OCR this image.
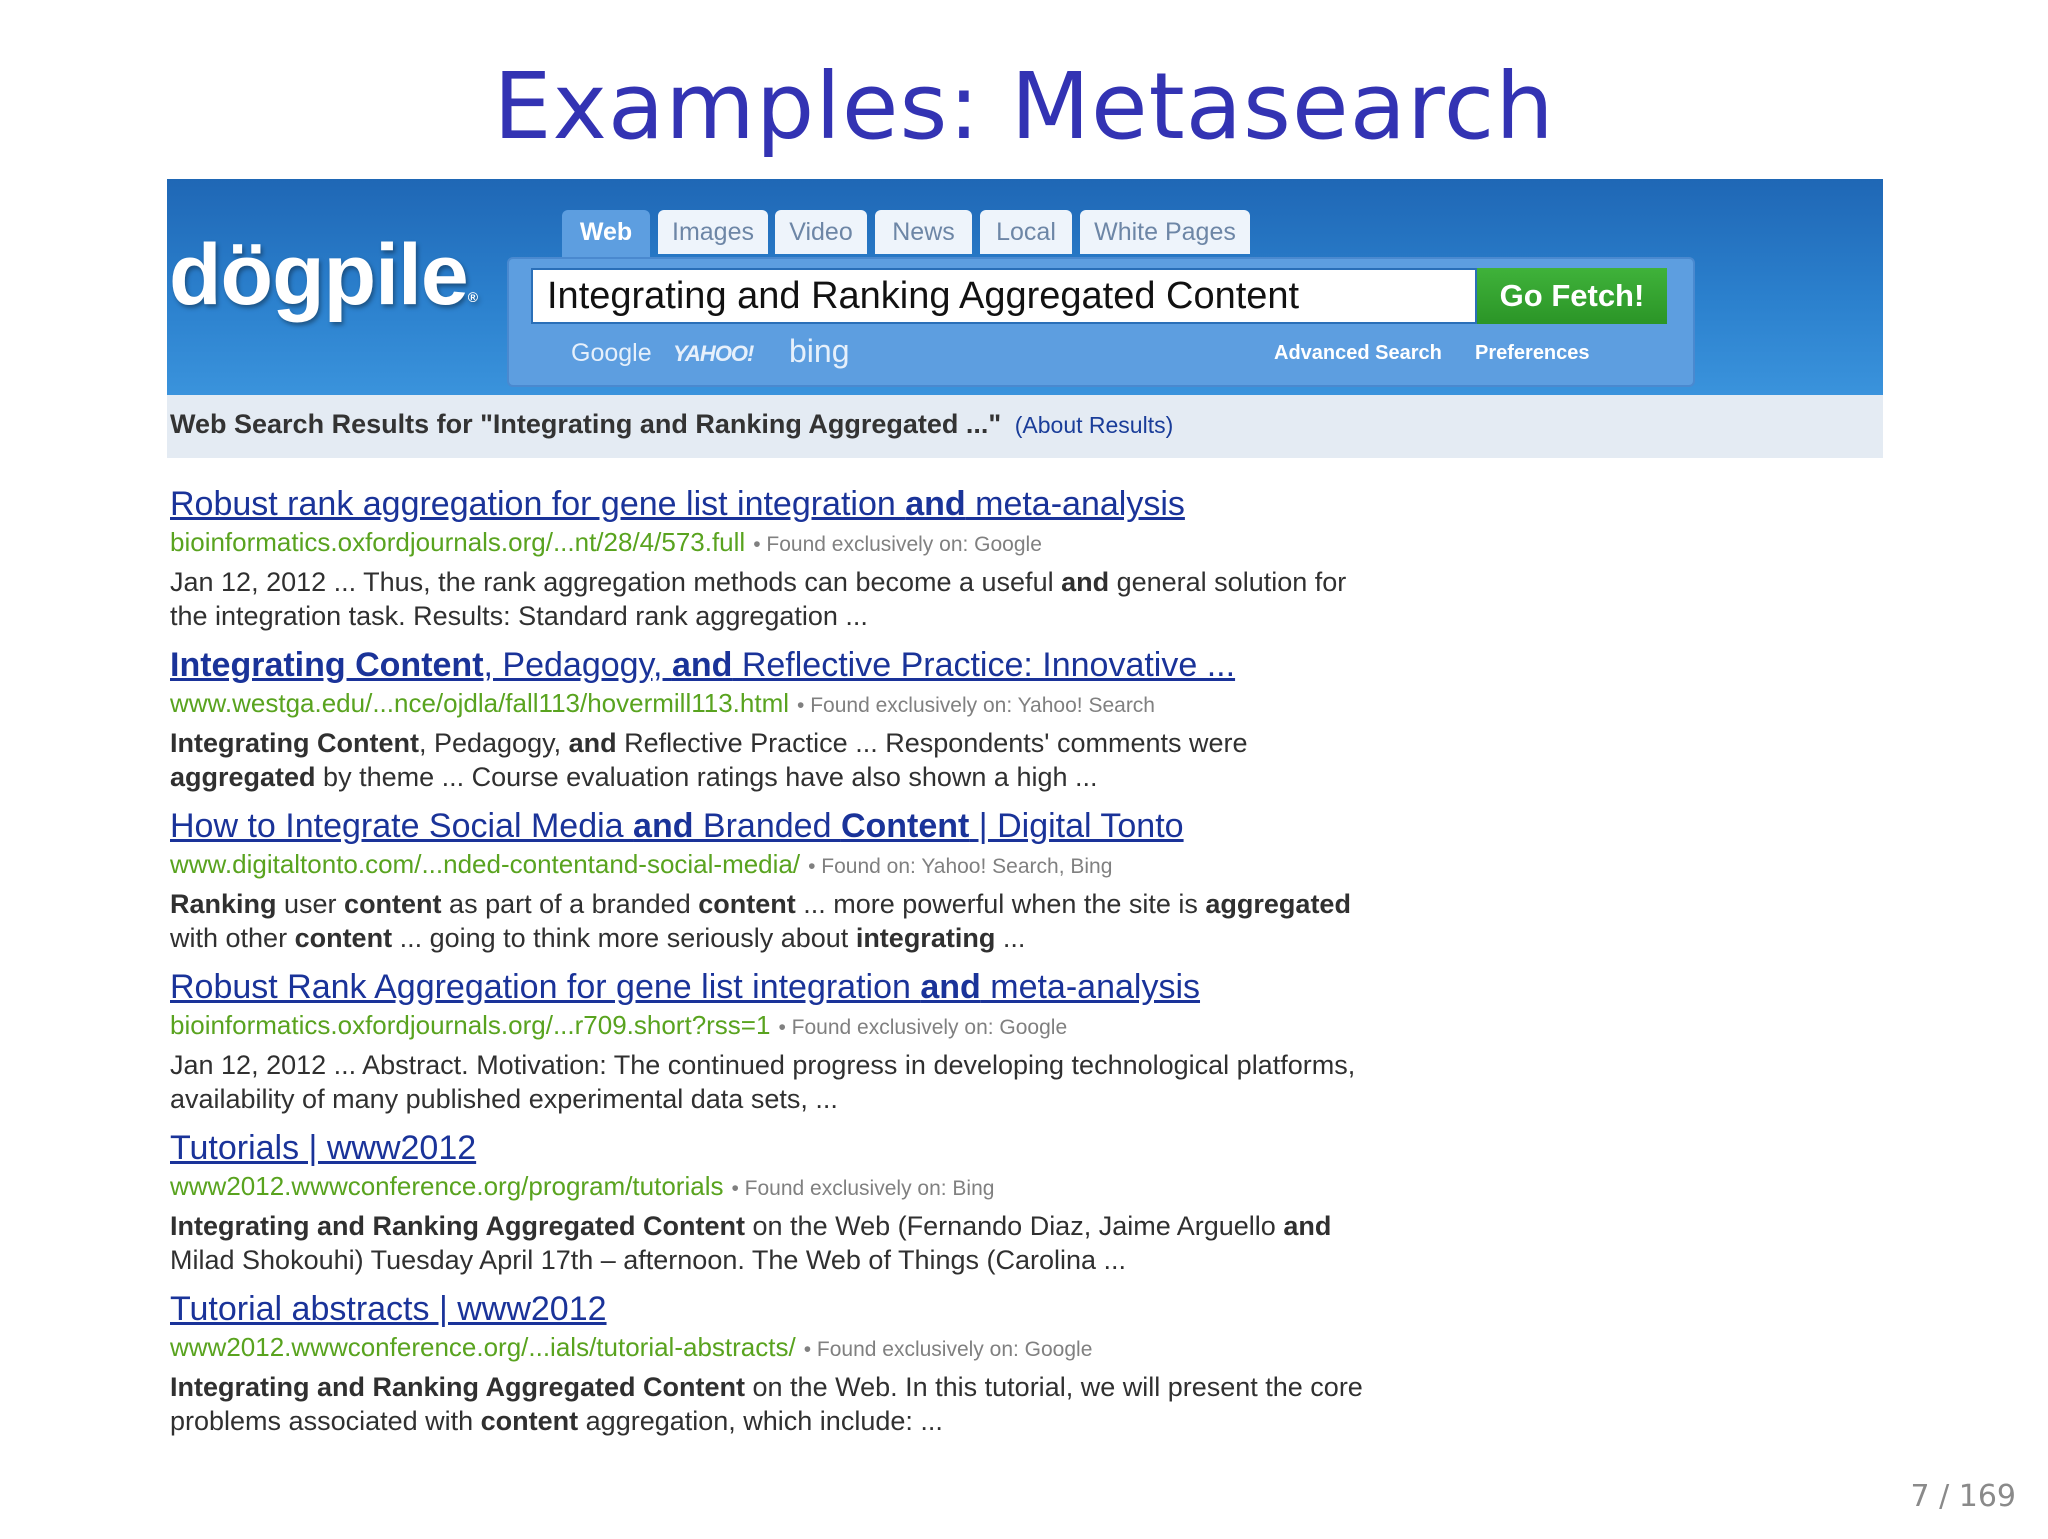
Examples: Metasearch
dögpile®
Web	Images	Video	News	Local	White Pages
Integrating and Ranking Aggregated Content	Go Fetch!
Google YAHOO! bing	Advanced Search Preferences
Web Search Results for "Integrating and Ranking Aggregated ..." (About Results)
Robust rank aggregation for gene list integration and meta-analysis
bioinformatics.oxfordjournals.org/...nt/28/4/573.full • Found exclusively on: Google
Jan 12, 2012 ... Thus, the rank aggregation methods can become a useful and general solution for
the integration task. Results: Standard rank aggregation ...
Integrating Content, Pedagogy, and Reflective Practice: Innovative ...
www.westga.edu/...nce/ojdla/fall113/hovermill113.html • Found exclusively on: Yahoo! Search
Integrating Content, Pedagogy, and Reflective Practice ... Respondents' comments were
aggregated by theme ... Course evaluation ratings have also shown a high ...
How to Integrate Social Media and Branded Content | Digital Tonto
www.digitaltonto.com/...nded-contentand-social-media/ • Found on: Yahoo! Search, Bing
Ranking user content as part of a branded content ... more powerful when the site is aggregated
with other content ... going to think more seriously about integrating ...
Robust Rank Aggregation for gene list integration and meta-analysis
bioinformatics.oxfordjournals.org/...r709.short?rss=1 • Found exclusively on: Google
Jan 12, 2012 ... Abstract. Motivation: The continued progress in developing technological platforms,
availability of many published experimental data sets, ...
Tutorials | www2012
www2012.wwwconference.org/program/tutorials • Found exclusively on: Bing
Integrating and Ranking Aggregated Content on the Web (Fernando Diaz, Jaime Arguello and
Milad Shokouhi) Tuesday April 17th – afternoon. The Web of Things (Carolina ...
Tutorial abstracts | www2012
www2012.wwwconference.org/...ials/tutorial-abstracts/ • Found exclusively on: Google
Integrating and Ranking Aggregated Content on the Web. In this tutorial, we will present the core
problems associated with content aggregation, which include: ...
7 / 169
